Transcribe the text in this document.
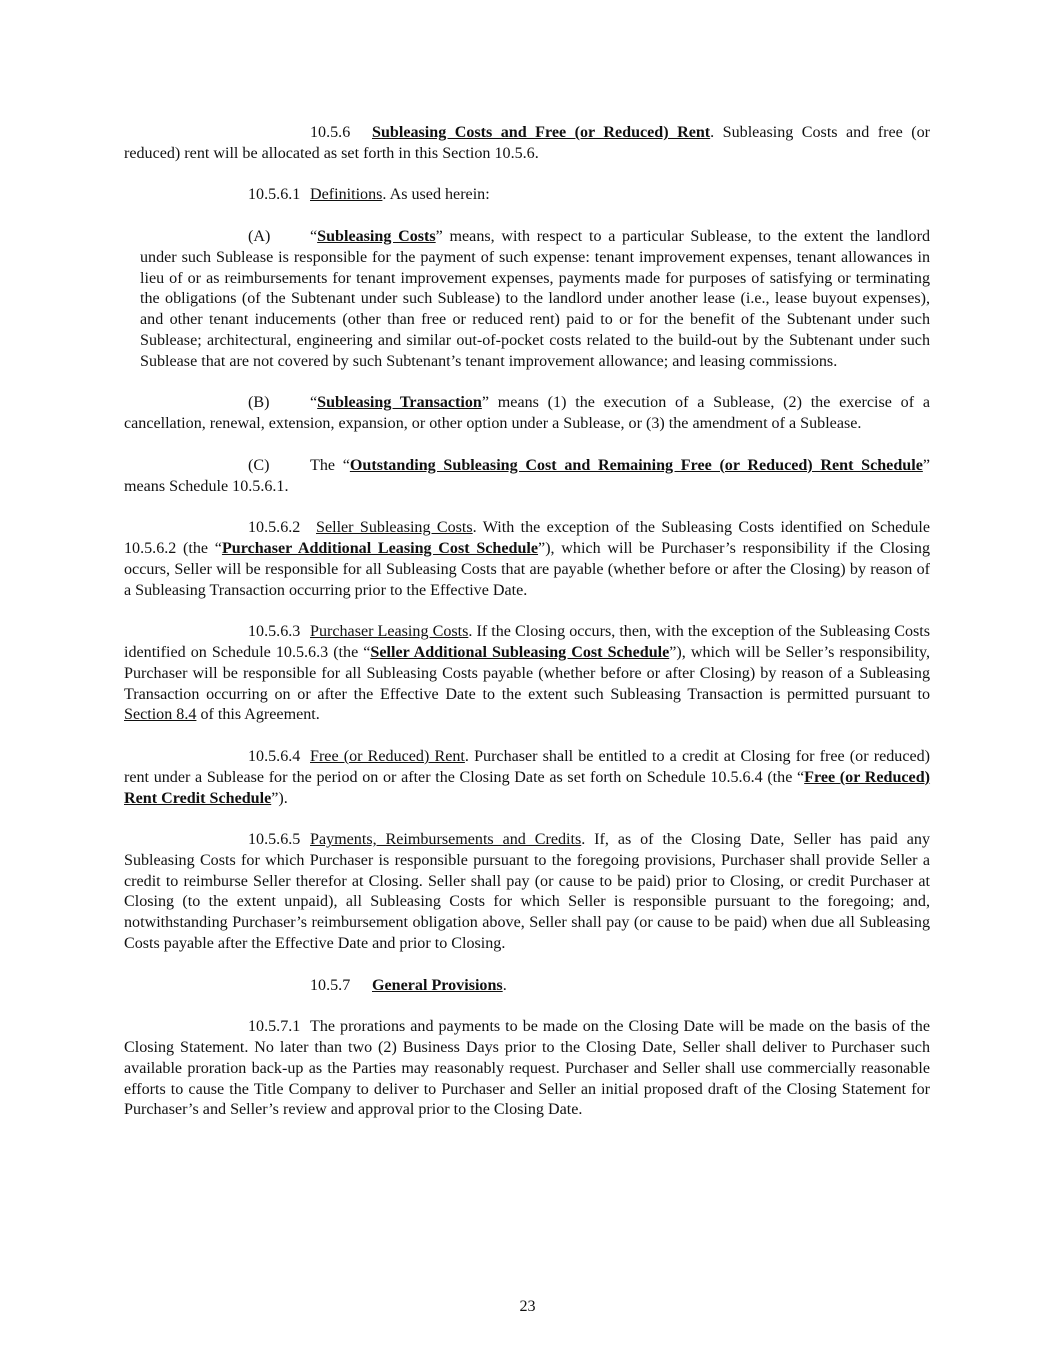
10.5.6 Subleasing Costs and Free (or Reduced) Rent. Subleasing Costs and free (or reduced) rent will be allocated as set forth in this Section 10.5.6.

10.5.6.1 Definitions. As used herein:

(A) “Subleasing Costs” means, with respect to a particular Sublease, to the extent the landlord under such Sublease is responsible for the payment of such expense: tenant improvement expenses, tenant allowances in lieu of or as reimbursements for tenant improvement expenses, payments made for purposes of satisfying or terminating the obligations (of the Subtenant under such Sublease) to the landlord under another lease (i.e., lease buyout expenses), and other tenant inducements (other than free or reduced rent) paid to or for the benefit of the Subtenant under such Sublease; architectural, engineering and similar out-of-pocket costs related to the build-out by the Subtenant under such Sublease that are not covered by such Subtenant’s tenant improvement allowance; and leasing commissions.

(B)	“Subleasing Transaction” means (1) the execution of a Sublease, (2) the exercise of a cancellation, renewal, extension, expansion, or other option under a Sublease, or (3) the amendment of a Sublease.

(C)	The “Outstanding Subleasing Cost and Remaining Free (or Reduced) Rent Schedule” means Schedule 10.5.6.1.

10.5.6.2 Seller Subleasing Costs. With the exception of the Subleasing Costs identified on Schedule 10.5.6.2 (the “Purchaser Additional Leasing Cost Schedule”), which will be Purchaser’s responsibility if the Closing occurs, Seller will be responsible for all Subleasing Costs that are payable (whether before or after the Closing) by reason of a Subleasing Transaction occurring prior to the Effective Date.

10.5.6.3 Purchaser Leasing Costs. If the Closing occurs, then, with the exception of the Subleasing Costs identified on Schedule 10.5.6.3 (the “Seller Additional Subleasing Cost Schedule”), which will be Seller’s responsibility, Purchaser will be responsible for all Subleasing Costs payable (whether before or after Closing) by reason of a Subleasing Transaction occurring on or after the Effective Date to the extent such Subleasing Transaction is permitted pursuant to Section 8.4 of this Agreement.

10.5.6.4 Free (or Reduced) Rent. Purchaser shall be entitled to a credit at Closing for free (or reduced) rent under a Sublease for the period on or after the Closing Date as set forth on Schedule 10.5.6.4 (the “Free (or Reduced) Rent Credit Schedule”).

10.5.6.5 Payments, Reimbursements and Credits. If, as of the Closing Date, Seller has paid any Subleasing Costs for which Purchaser is responsible pursuant to the foregoing provisions, Purchaser shall provide Seller a credit to reimburse Seller therefor at Closing. Seller shall pay (or cause to be paid) prior to Closing, or credit Purchaser at Closing (to the extent unpaid), all Subleasing Costs for which Seller is responsible pursuant to the foregoing; and, notwithstanding Purchaser’s reimbursement obligation above, Seller shall pay (or cause to be paid) when due all Subleasing Costs payable after the Effective Date and prior to Closing.

10.5.7 General Provisions.

10.5.7.1 The prorations and payments to be made on the Closing Date will be made on the basis of the Closing Statement. No later than two (2) Business Days prior to the Closing Date, Seller shall deliver to Purchaser such available proration back-up as the Parties may reasonably request. Purchaser and Seller shall use commercially reasonable efforts to cause the Title Company to deliver to Purchaser and Seller an initial proposed draft of the Closing Statement for Purchaser’s and Seller’s review and approval prior to the Closing Date.

23
